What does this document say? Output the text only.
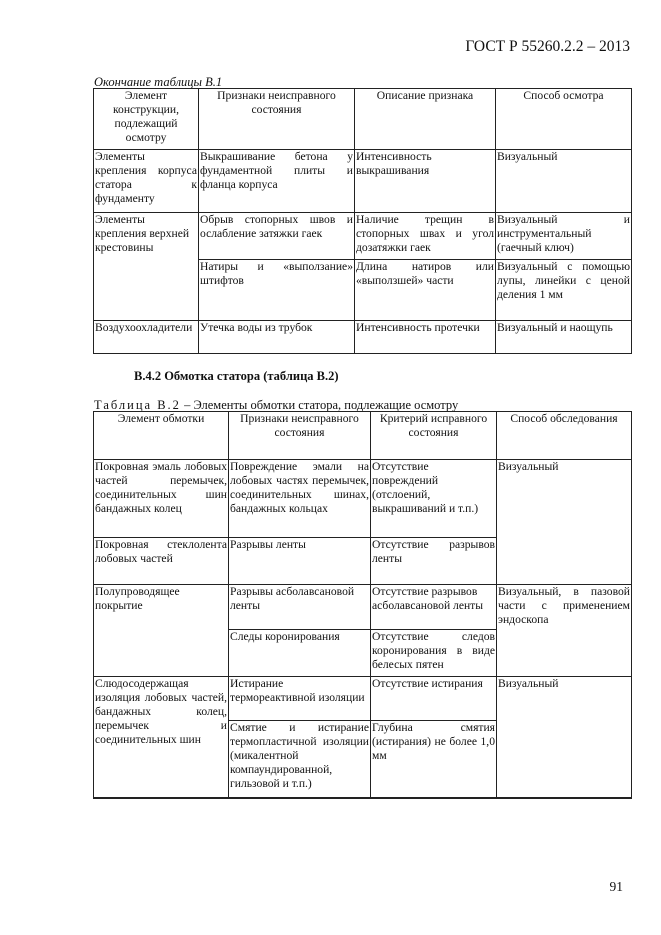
ГОСТ Р 55260.2.2 – 2013
Окончание таблицы В.1
Элемент конструкции, подлежащий осмотру	Признаки неисправного состояния	Описание признака	Способ осмотра
Элементы крепления корпуса статора к фундаменту	Выкрашивание бетона у фундаментной плиты и фланца корпуса	Интенсивность выкрашивания	Визуальный
Элементы крепления верхней крестовины	Обрыв стопорных швов и ослабление затяжки гаек	Наличие трещин в стопорных швах и угол дозатяжки гаек	Визуальный и инструментальный (гаечный ключ)
	Натиры и «выползание» штифтов	Длина натиров или «выползшей» части	Визуальный с помощью лупы, линейки с ценой деления 1 мм
Воздухоохладители	Утечка воды из трубок	Интенсивность протечки	Визуальный и наощупь
В.4.2 Обмотка статора (таблица В.2)
Таблица В.2 – Элементы обмотки статора, подлежащие осмотру
Элемент обмотки	Признаки неисправного состояния	Критерий исправного состояния	Способ обследования
Покровная эмаль лобовых частей перемычек, соединительных шин бандажных колец	Повреждение эмали на лобовых частях перемычек, соединительных шинах, бандажных кольцах	Отсутствие повреждений (отслоений, выкрашиваний и т.п.)	Визуальный
Покровная стеклолента лобовых частей	Разрывы ленты	Отсутствие разрывов ленты	
Полупроводящее покрытие	Разрывы асболавсановой ленты	Отсутствие разрывов асболавсановой ленты	Визуальный, в пазовой части с применением эндоскопа
	Следы коронирования	Отсутствие следов коронирования в виде белесых пятен	
Слюдосодержащая изоляция лобовых частей, бандажных колец, перемычек и соединительных шин	Истирание термореактивной изоляции	Отсутствие истирания	Визуальный
	Смятие и истирание термопластичной изоляции (микалентной компаундированной, гильзовой и т.п.)	Глубина смятия (истирания) не более 1,0 мм	
91
